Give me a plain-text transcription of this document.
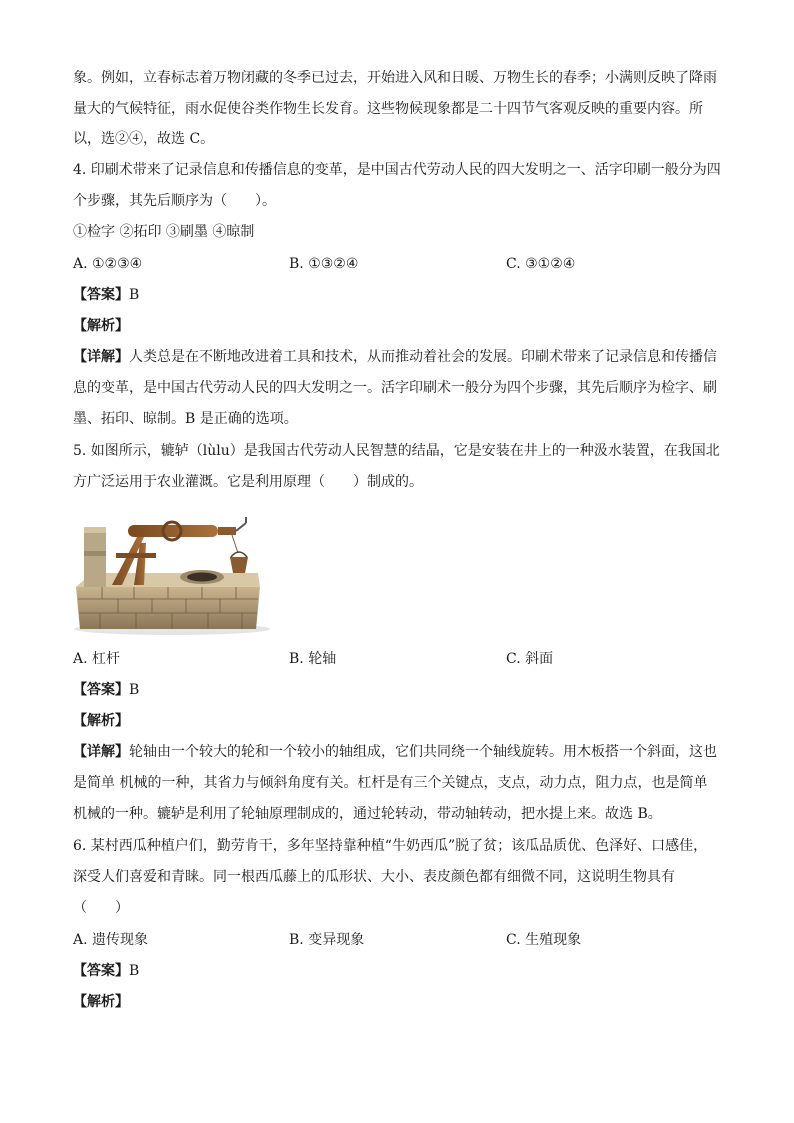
象。例如，立春标志着万物闭藏的冬季已过去，开始进入风和日暖、万物生长的春季；小满则反映了降雨
量大的气候特征，雨水促使谷类作物生长发育。这些物候现象都是二十四节气客观反映的重要内容。所
以，选②④，故选 C。
4. 印刷术带来了记录信息和传播信息的变革，是中国古代劳动人民的四大发明之一、活字印刷一般分为四
个步骤，其先后顺序为（　　）。
①检字 ②拓印 ③刷墨 ④晾制
A. ①②③④	B. ①③②④	C. ③①②④
【答案】B
【解析】
【详解】人类总是在不断地改进着工具和技术，从而推动着社会的发展。印刷术带来了记录信息和传播信
息的变革，是中国古代劳动人民的四大发明之一。活字印刷术一般分为四个步骤，其先后顺序为检字、刷
墨、拓印、晾制。B 是正确的选项。
5. 如图所示，辘轳（lùlu）是我国古代劳动人民智慧的结晶，它是安装在井上的一种汲水装置，在我国北
方广泛运用于农业灌溉。它是利用原理（　　）制成的。
A. 杠杆	B. 轮轴	C. 斜面
【答案】B
【解析】
【详解】轮轴由一个较大的轮和一个较小的轴组成，它们共同绕一个轴线旋转。用木板搭一个斜面，这也
是简单 机械的一种，其省力与倾斜角度有关。杠杆是有三个关键点，支点，动力点，阻力点，也是简单
机械的一种。辘轳是利用了轮轴原理制成的，通过轮转动，带动轴转动，把水提上来。故选 B。
6. 某村西瓜种植户们，勤劳肯干，多年坚持靠种植“牛奶西瓜”脱了贫；该瓜品质优、色泽好、口感佳，
深受人们喜爱和青睐。同一根西瓜藤上的瓜形状、大小、表皮颜色都有细微不同，这说明生物具有
（　　）
A. 遗传现象	B. 变异现象	C. 生殖现象
【答案】B
【解析】
